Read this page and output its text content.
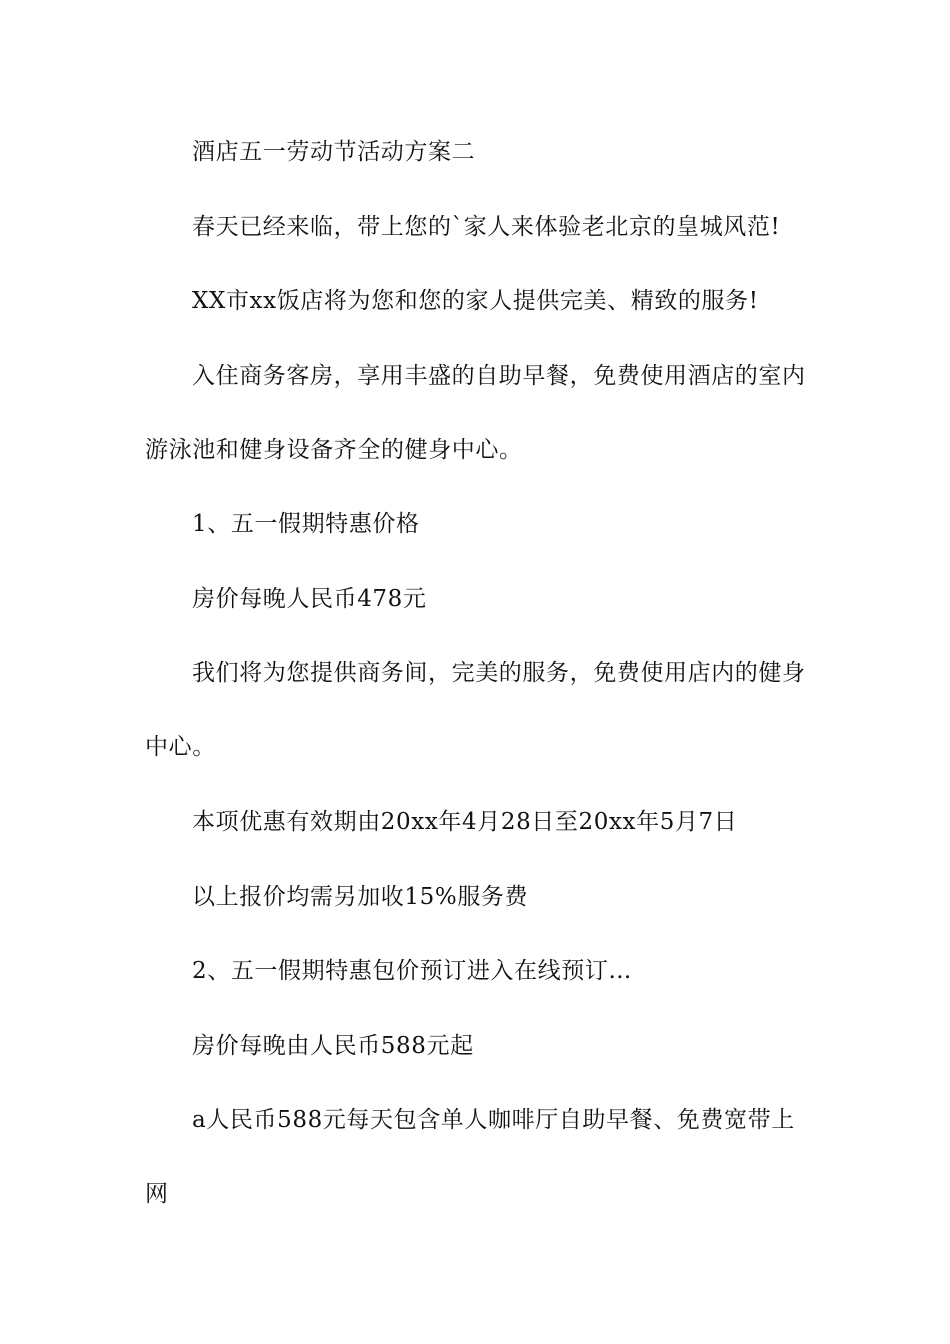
酒店五一劳动节活动方案二

春天已经来临，带上您的`家人来体验老北京的皇城风范!

XX市xx饭店将为您和您的家人提供完美、精致的服务!

入住商务客房，享用丰盛的自助早餐，免费使用酒店的室内游泳池和健身设备齐全的健身中心。

1、五一假期特惠价格

房价每晚人民币478元

我们将为您提供商务间，完美的服务，免费使用店内的健身中心。

本项优惠有效期由20xx年4月28日至20xx年5月7日

以上报价均需另加收15%服务费

2、五一假期特惠包价预订进入在线预订…

房价每晚由人民币588元起

a人民币588元每天包含单人咖啡厅自助早餐、免费宽带上网
